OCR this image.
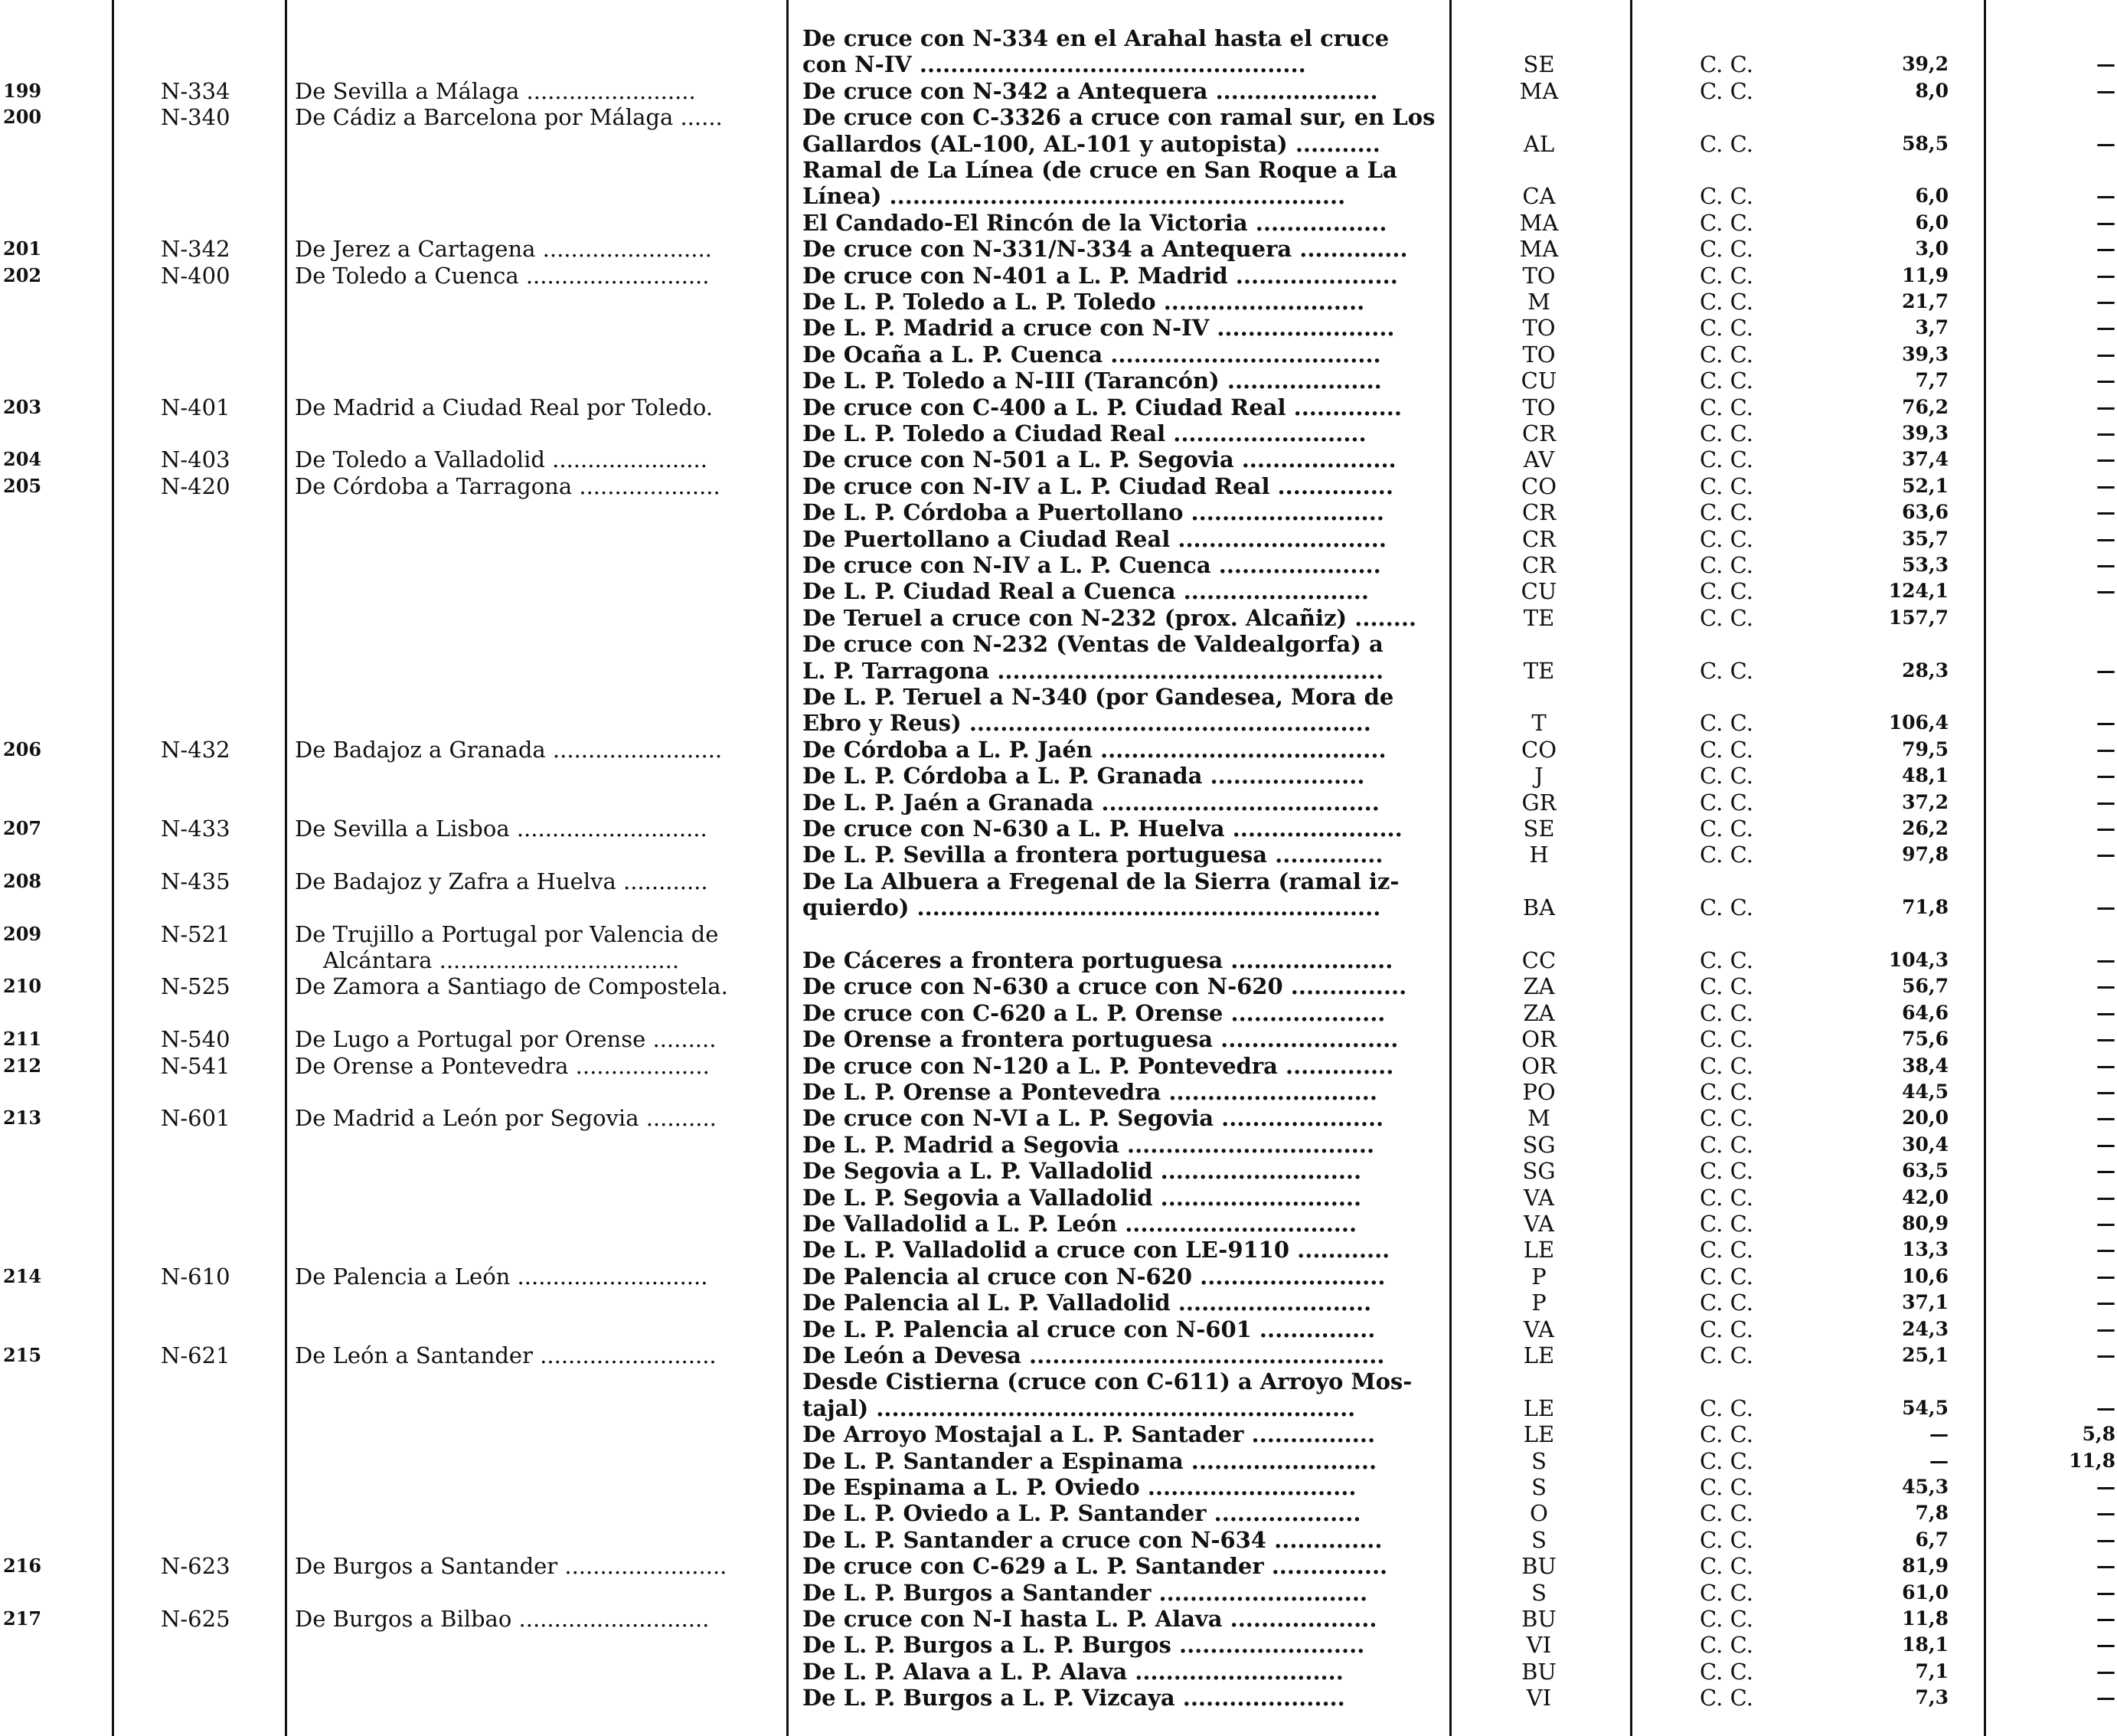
De cruce con N-334 en el Arahal hasta el cruce
con N-IV ..................................................	SE	C. C.	39,2	—
199	N-334	De Sevilla a Málaga ........................	De cruce con N-342 a Antequera .....................	MA	C. C.	8,0	—
200	N-340	De Cádiz a Barcelona por Málaga ......	De cruce con C-3326 a cruce con ramal sur, en Los
Gallardos (AL-100, AL-101 y autopista) ...........	AL	C. C.	58,5	—
Ramal de La Línea (de cruce en San Roque a La
Línea) ...........................................................	CA	C. C.	6,0	—
El Candado-El Rincón de la Victoria .................	MA	C. C.	6,0	—
201	N-342	De Jerez a Cartagena ........................	De cruce con N-331/N-334 a Antequera ..............	MA	C. C.	3,0	—
202	N-400	De Toledo a Cuenca ..........................	De cruce con N-401 a L. P. Madrid .....................	TO	C. C.	11,9	—
De L. P. Toledo a L. P. Toledo ..........................	M	C. C.	21,7	—
De L. P. Madrid a cruce con N-IV .......................	TO	C. C.	3,7	—
De Ocaña a L. P. Cuenca ...................................	TO	C. C.	39,3	—
De L. P. Toledo a N-III (Tarancón) ....................	CU	C. C.	7,7	—
203	N-401	De Madrid a Ciudad Real por Toledo.	De cruce con C-400 a L. P. Ciudad Real ..............	TO	C. C.	76,2	—
De L. P. Toledo a Ciudad Real .........................	CR	C. C.	39,3	—
204	N-403	De Toledo a Valladolid ......................	De cruce con N-501 a L. P. Segovia ....................	AV	C. C.	37,4	—
205	N-420	De Córdoba a Tarragona ....................	De cruce con N-IV a L. P. Ciudad Real ...............	CO	C. C.	52,1	—
De L. P. Córdoba a Puertollano .........................	CR	C. C.	63,6	—
De Puertollano a Ciudad Real ...........................	CR	C. C.	35,7	—
De cruce con N-IV a L. P. Cuenca .....................	CR	C. C.	53,3	—
De L. P. Ciudad Real a Cuenca ........................	CU	C. C.	124,1	—
De Teruel a cruce con N-232 (prox. Alcañiz) ........	TE	C. C.	157,7
De cruce con N-232 (Ventas de Valdealgorfa) a
L. P. Tarragona ..................................................	TE	C. C.	28,3	—
De L. P. Teruel a N-340 (por Gandesea, Mora de
Ebro y Reus) ....................................................	T	C. C.	106,4	—
206	N-432	De Badajoz a Granada ........................	De Córdoba a L. P. Jaén .....................................	CO	C. C.	79,5	—
De L. P. Córdoba a L. P. Granada ....................	J	C. C.	48,1	—
De L. P. Jaén a Granada ....................................	GR	C. C.	37,2	—
207	N-433	De Sevilla a Lisboa ...........................	De cruce con N-630 a L. P. Huelva ......................	SE	C. C.	26,2	—
De L. P. Sevilla a frontera portuguesa ..............	H	C. C.	97,8	—
208	N-435	De Badajoz y Zafra a Huelva ............	De La Albuera a Fregenal de la Sierra (ramal iz-
quierdo) ............................................................	BA	C. C.	71,8	—
209	N-521	De Trujillo a Portugal por Valencia de
Alcántara ..................................	De Cáceres a frontera portuguesa .....................	CC	C. C.	104,3	—
210	N-525	De Zamora a Santiago de Compostela.	De cruce con N-630 a cruce con N-620 ...............	ZA	C. C.	56,7	—
De cruce con C-620 a L. P. Orense ....................	ZA	C. C.	64,6	—
211	N-540	De Lugo a Portugal por Orense .........	De Orense a frontera portuguesa .......................	OR	C. C.	75,6	—
212	N-541	De Orense a Pontevedra ...................	De cruce con N-120 a L. P. Pontevedra ..............	OR	C. C.	38,4	—
De L. P. Orense a Pontevedra ...........................	PO	C. C.	44,5	—
213	N-601	De Madrid a León por Segovia ..........	De cruce con N-VI a L. P. Segovia .....................	M	C. C.	20,0	—
De L. P. Madrid a Segovia ................................	SG	C. C.	30,4	—
De Segovia a L. P. Valladolid ..........................	SG	C. C.	63,5	—
De L. P. Segovia a Valladolid ..........................	VA	C. C.	42,0	—
De Valladolid a L. P. León ..............................	VA	C. C.	80,9	—
De L. P. Valladolid a cruce con LE-9110 ............	LE	C. C.	13,3	—
214	N-610	De Palencia a León ...........................	De Palencia al cruce con N-620 ........................	P	C. C.	10,6	—
De Palencia al L. P. Valladolid .........................	P	C. C.	37,1	—
De L. P. Palencia al cruce con N-601 ...............	VA	C. C.	24,3	—
215	N-621	De León a Santander .........................	De León a Devesa ..............................................	LE	C. C.	25,1	—
Desde Cistierna (cruce con C-611) a Arroyo Mos-
tajal) ..............................................................	LE	C. C.	54,5	—
De Arroyo Mostajal a L. P. Santader ................	LE	C. C.	—	5,8
De L. P. Santander a Espinama ........................	S	C. C.	—	11,8
De Espinama a L. P. Oviedo ...........................	S	C. C.	45,3	—
De L. P. Oviedo a L. P. Santander ...................	O	C. C.	7,8	—
De L. P. Santander a cruce con N-634 ..............	S	C. C.	6,7	—
216	N-623	De Burgos a Santander .......................	De cruce con C-629 a L. P. Santander ...............	BU	C. C.	81,9	—
De L. P. Burgos a Santander ...........................	S	C. C.	61,0	—
217	N-625	De Burgos a Bilbao ...........................	De cruce con N-I hasta L. P. Alava ...................	BU	C. C.	11,8	—
De L. P. Burgos a L. P. Burgos ........................	VI	C. C.	18,1	—
De L. P. Alava a L. P. Alava ...........................	BU	C. C.	7,1	—
De L. P. Burgos a L. P. Vizcaya .....................	VI	C. C.	7,3	—
